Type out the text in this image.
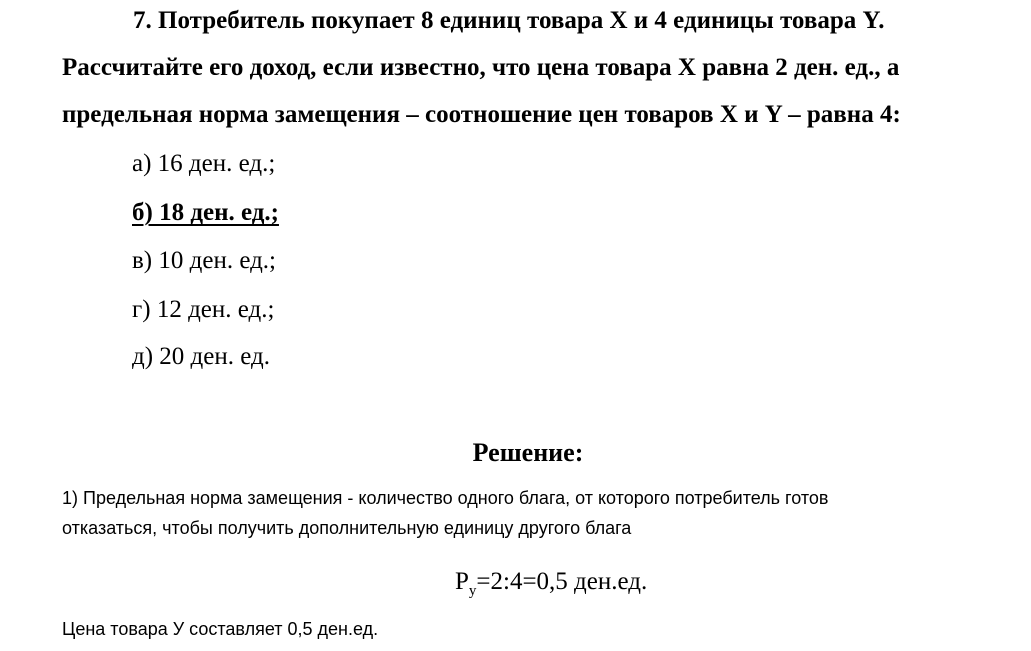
7. Потребитель покупает 8 единиц товара X и 4 единицы товара Y.
Рассчитайте его доход, если известно, что цена товара X равна 2 ден. ед., а
предельная норма замещения – соотношение цен товаров X и Y – равна 4:
а) 16 ден. ед.;
б) 18 ден. ед.;
в) 10 ден. ед.;
г) 12 ден. ед.;
д) 20 ден. ед.
Решение:
1) Предельная норма замещения - количество одного блага, от которого потребитель готов
отказаться, чтобы получить дополнительную единицу другого блага
$P_y=2:4=0,5$ ден.ед.
Цена товара У составляет 0,5 ден.ед.
